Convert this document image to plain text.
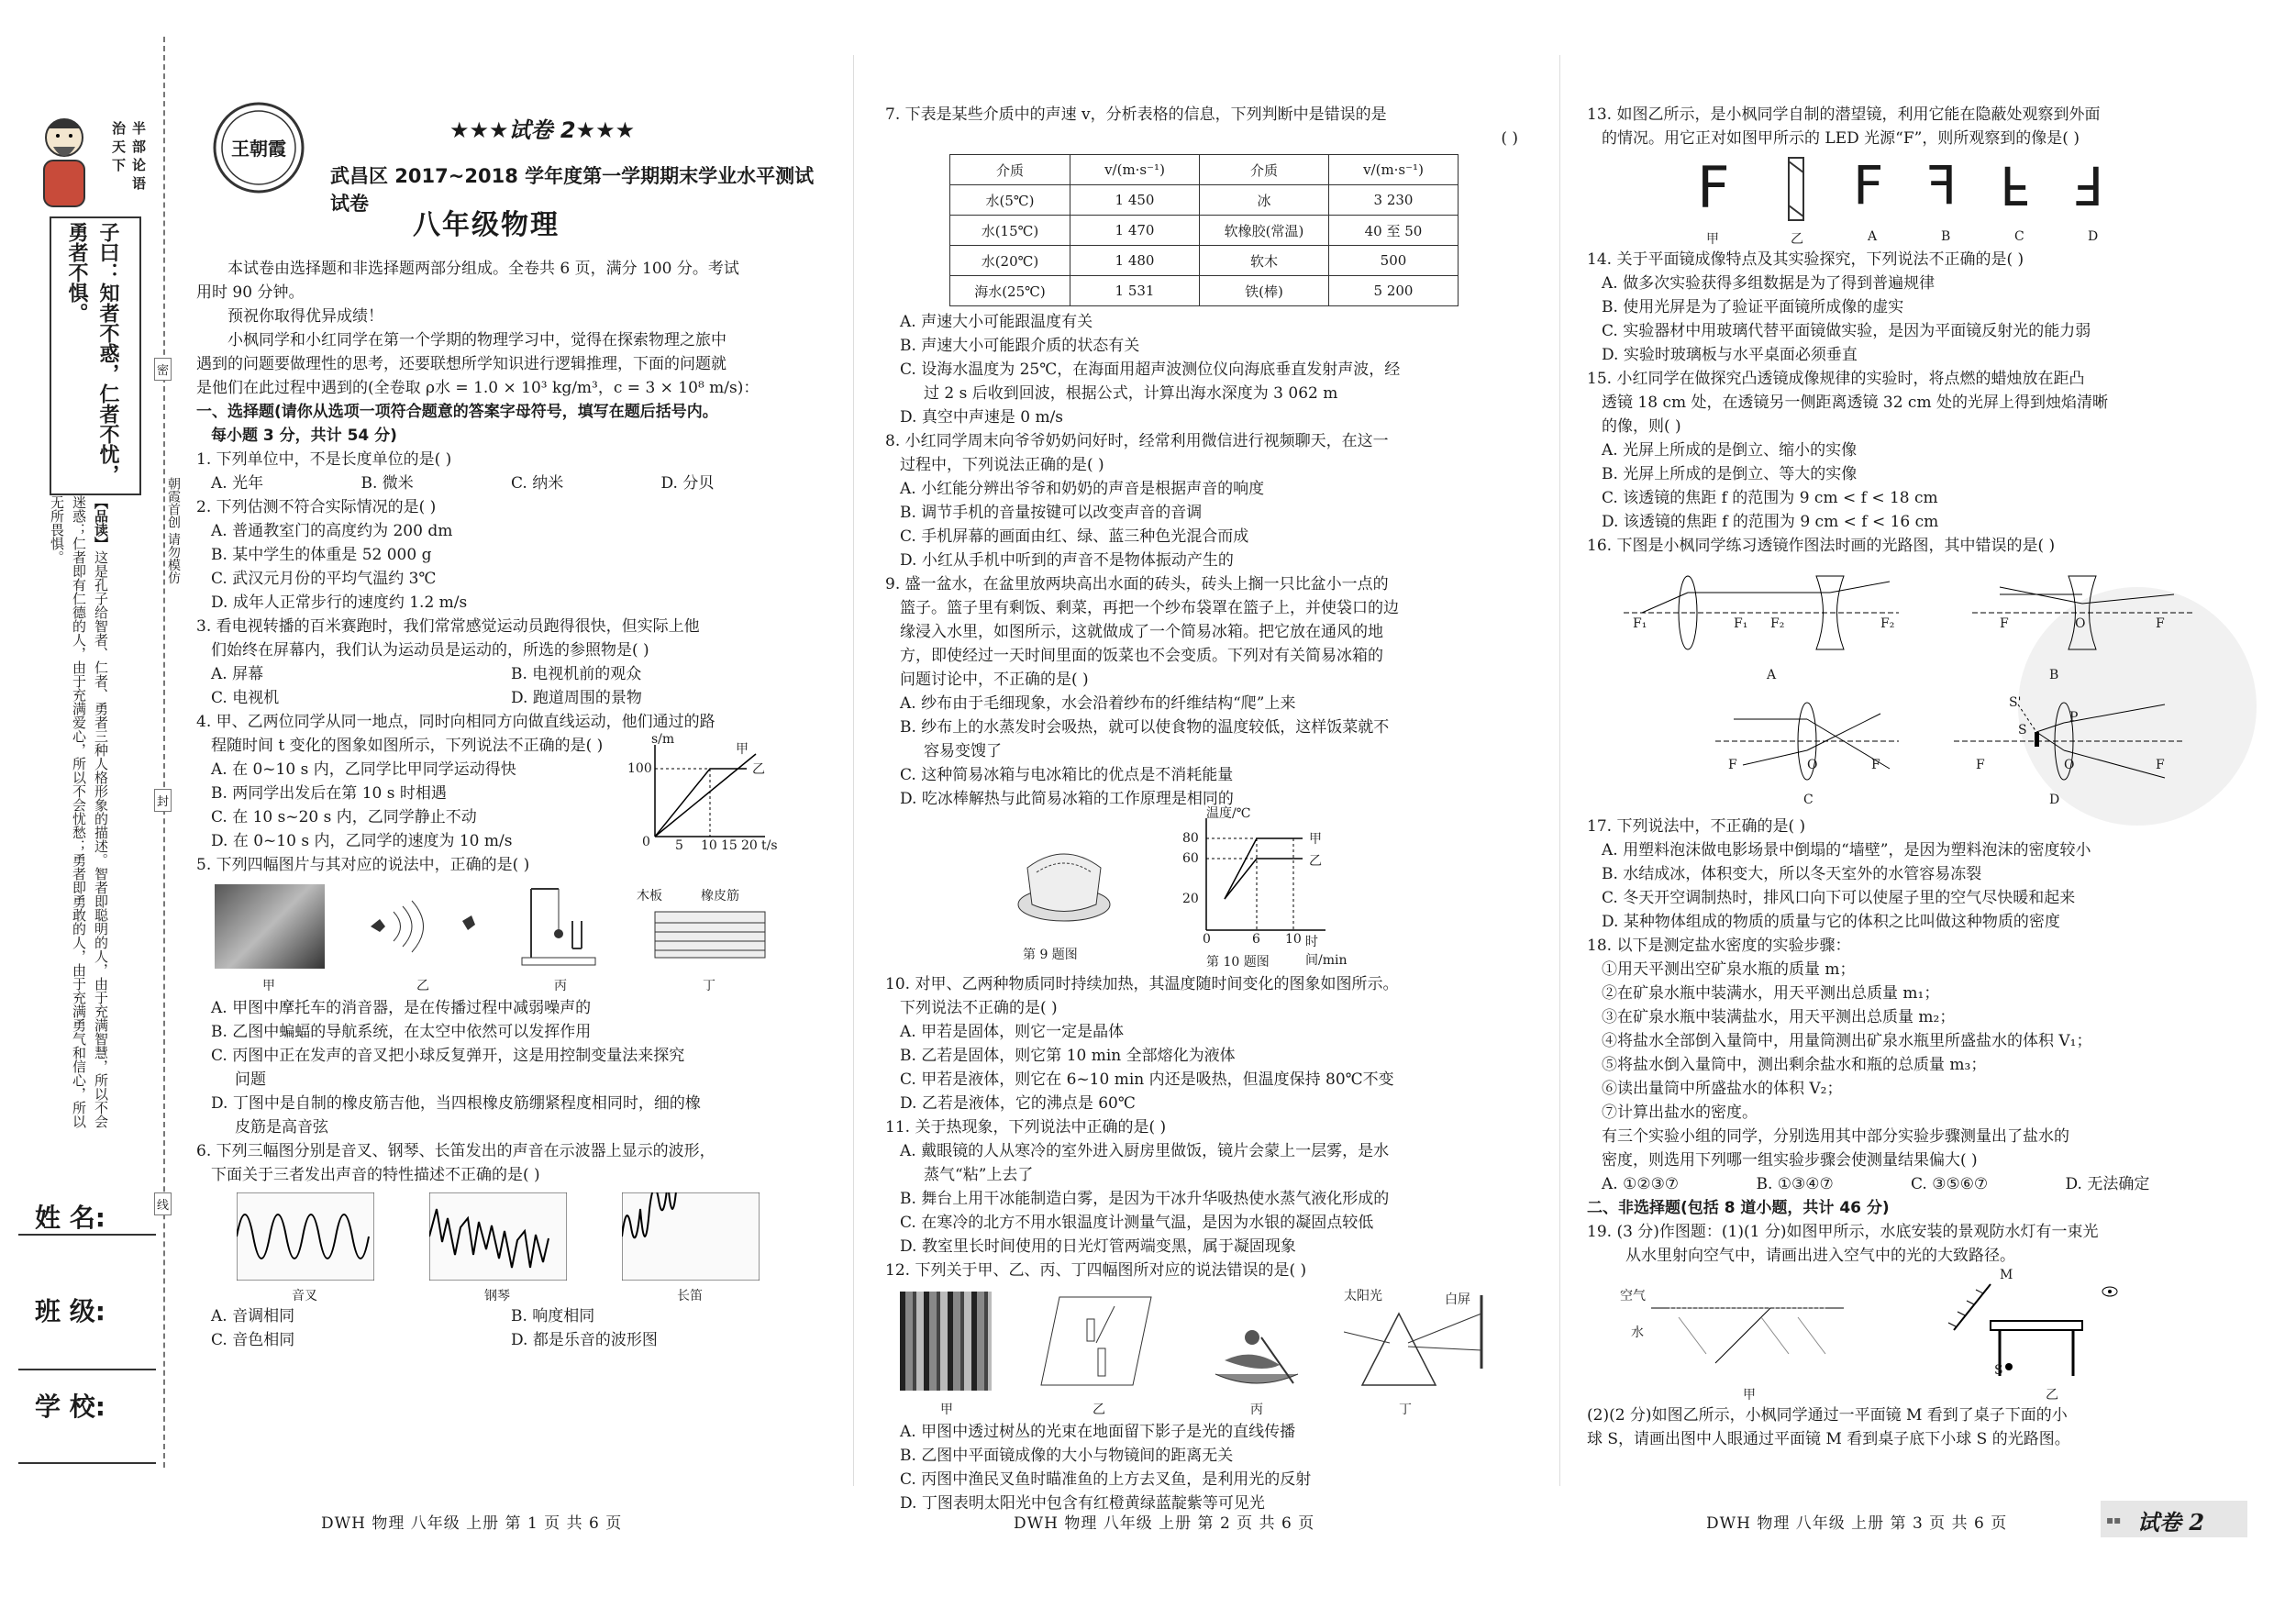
治
天
下
半
部
论
语
子曰：知者不惑，仁者不忧，勇者不惧。
【品读】这是孔子给智者、仁者、勇者三种人格形象的描述。智者即聪明的人，由于充满智慧，所以不会迷惑；仁者即有仁德的人，由于充满爱心，所以不会忧愁；勇者即勇敢的人，由于充满勇气和信心，所以无所畏惧。	朝霞首创 请勿模仿
密
封
线
姓 名:
班 级:
学 校:
王朝霞
★★★试卷 2★★★
武昌区 2017~2018 学年度第一学期期末学业水平测试试卷
八年级物理

本试卷由选择题和非选择题两部分组成。全卷共 6 页，满分 100 分。考试

用时 90 分钟。

预祝你取得优异成绩！

小枫同学和小红同学在第一个学期的物理学习中，觉得在探索物理之旅中

遇到的问题要做理性的思考，还要联想所学知识进行逻辑推理，下面的问题就

是他们在此过程中遇到的(全卷取 ρ水 = 1.0 × 10³ kg/m³，c = 3 × 10⁸ m/s)：

一、选择题(请你从选项一项符合题意的答案字母符号，填写在题后括号内。

每小题 3 分，共计 54 分)

1. 下列单位中，不是长度单位的是( )

A. 光年	B. 微米	C. 纳米	D. 分贝

2. 下列估测不符合实际情况的是( )

A. 普通教室门的高度约为 200 dm

B. 某中学生的体重是 52 000 g

C. 武汉元月份的平均气温约 3℃

D. 成年人正常步行的速度约 1.2 m/s

3. 看电视转播的百米赛跑时，我们常常感觉运动员跑得很快，但实际上他

们始终在屏幕内，我们认为运动员是运动的，所选的参照物是( )

A. 屏幕	B. 电视机前的观众
C. 电视机	D. 跑道周围的景物

4. 甲、乙两位同学从同一地点，同时向相同方向做直线运动，他们通过的路

程随时间 t 变化的图象如图所示，下列说法不正确的是( )

A. 在 0~10 s 内，乙同学比甲同学运动得快

B. 两同学出发后在第 10 s 时相遇

C. 在 10 s~20 s 内，乙同学静止不动

D. 在 0~10 s 内，乙同学的速度为 10 m/s

s/m
100
0 5 10 15 20 t/s
甲
乙

5. 下列四幅图片与其对应的说法中，正确的是( )

木板	橡皮筋
甲	乙	丙	丁

A. 甲图中摩托车的消音器，是在传播过程中减弱噪声的

B. 乙图中蝙蝠的导航系统，在太空中依然可以发挥作用

C. 丙图中正在发声的音叉把小球反复弹开，这是用控制变量法来探究

问题

D. 丁图中是自制的橡皮筋吉他，当四根橡皮筋绷紧程度相同时，细的橡

皮筋是高音弦

6. 下列三幅图分别是音叉、钢琴、长笛发出的声音在示波器上显示的波形，

下面关于三者发出声音的特性描述不正确的是( )

音叉	钢琴	长笛
A. 音调相同	B. 响度相同
C. 音色相同	D. 都是乐音的波形图
DWH 物理 八年级 上册 第 1 页 共 6 页

7. 下表是某些介质中的声速 v，分析表格的信息，下列判断中是错误的是

( )

介质	v/(m·s⁻¹)	介质	v/(m·s⁻¹)
水(5℃)	1 450	冰	3 230
水(15℃)	1 470	软橡胶(常温)	40 至 50
水(20℃)	1 480	软木	500
海水(25℃)	1 531	铁(棒)	5 200

A. 声速大小可能跟温度有关

B. 声速大小可能跟介质的状态有关

C. 设海水温度为 25℃，在海面用超声波测位仪向海底垂直发射声波，经

过 2 s 后收到回波，根据公式，计算出海水深度为 3 062 m

D. 真空中声速是 0 m/s

8. 小红同学周末向爷爷奶奶问好时，经常利用微信进行视频聊天，在这一

过程中，下列说法正确的是( )

A. 小红能分辨出爷爷和奶奶的声音是根据声音的响度

B. 调节手机的音量按键可以改变声音的音调

C. 手机屏幕的画面由红、绿、蓝三种色光混合而成

D. 小红从手机中听到的声音不是物体振动产生的

9. 盛一盆水，在盆里放两块高出水面的砖头，砖头上搁一只比盆小一点的

篮子。篮子里有剩饭、剩菜，再把一个纱布袋罩在篮子上，并使袋口的边

缘浸入水里，如图所示，这就做成了一个简易冰箱。把它放在通风的地

方，即使经过一天时间里面的饭菜也不会变质。下列对有关简易冰箱的

问题讨论中，不正确的是( )

A. 纱布由于毛细现象，水会沿着纱布的纤维结构“爬”上来

B. 纱布上的水蒸发时会吸热，就可以使食物的温度较低，这样饭菜就不

容易变馊了

C. 这种简易冰箱与电冰箱比的优点是不消耗能量

D. 吃冰棒解热与此简易冰箱的工作原理是相同的

第 9 题图
温度/℃
80
60
20
0	6 10 时间/min
甲
乙
第 10 题图

10. 对甲、乙两种物质同时持续加热，其温度随时间变化的图象如图所示。

下列说法不正确的是( )

A. 甲若是固体，则它一定是晶体

B. 乙若是固体，则它第 10 min 全部熔化为液体

C. 甲若是液体，则它在 6~10 min 内还是吸热，但温度保持 80℃不变

D. 乙若是液体，它的沸点是 60℃

11. 关于热现象，下列说法中正确的是( )

A. 戴眼镜的人从寒冷的室外进入厨房里做饭，镜片会蒙上一层雾，是水

蒸气“粘”上去了

B. 舞台上用干冰能制造白雾，是因为干冰升华吸热使水蒸气液化形成的

C. 在寒冷的北方不用水银温度计测量气温，是因为水银的凝固点较低

D. 教室里长时间使用的日光灯管两端变黑，属于凝固现象

12. 下列关于甲、乙、丙、丁四幅图所对应的说法错误的是( )

太阳光	白屏
甲	乙	丙	丁

A. 甲图中透过树丛的光束在地面留下影子是光的直线传播

B. 乙图中平面镜成像的大小与物镜间的距离无关

C. 丙图中渔民叉鱼时瞄准鱼的上方去叉鱼，是利用光的反射

D. 丁图表明太阳光中包含有红橙黄绿蓝靛紫等可见光

DWH 物理 八年级 上册 第 2 页 共 6 页

13. 如图乙所示，是小枫同学自制的潜望镜，利用它能在隐蔽处观察到外面

的情况。用它正对如图甲所示的 LED 光源“F”，则所观察到的像是( )

F F F F F
甲	乙	A	B	C	D

14. 关于平面镜成像特点及其实验探究，下列说法不正确的是( )

A. 做多次实验获得多组数据是为了得到普遍规律

B. 使用光屏是为了验证平面镜所成像的虚实

C. 实验器材中用玻璃代替平面镜做实验，是因为平面镜反射光的能力弱

D. 实验时玻璃板与水平桌面必须垂直

15. 小红同学在做探究凸透镜成像规律的实验时，将点燃的蜡烛放在距凸

透镜 18 cm 处，在透镜另一侧距离透镜 32 cm 处的光屏上得到烛焰清晰

的像，则( )

A. 光屏上所成的是倒立、缩小的实像

B. 光屏上所成的是倒立、等大的实像

C. 该透镜的焦距 f 的范围为 9 cm < f < 18 cm

D. 该透镜的焦距 f 的范围为 9 cm < f < 16 cm

16. 下图是小枫同学练习透镜作图法时画的光路图，其中错误的是( )

F₁	F₁ F₂	F₂
A
F	O	F
B
F	O	F
C
S'
S
P
F	O	F
D

17. 下列说法中，不正确的是( )

A. 用塑料泡沫做电影场景中倒塌的“墙壁”，是因为塑料泡沫的密度较小

B. 水结成冰，体积变大，所以冬天室外的水管容易冻裂

C. 冬天开空调制热时，排风口向下可以使屋子里的空气尽快暖和起来

D. 某种物体组成的物质的质量与它的体积之比叫做这种物质的密度

18. 以下是测定盐水密度的实验步骤：

①用天平测出空矿泉水瓶的质量 m；

②在矿泉水瓶中装满水，用天平测出总质量 m₁；

③在矿泉水瓶中装满盐水，用天平测出总质量 m₂；

④将盐水全部倒入量筒中，用量筒测出矿泉水瓶里所盛盐水的体积 V₁；

⑤将盐水倒入量筒中，测出剩余盐水和瓶的总质量 m₃；

⑥读出量筒中所盛盐水的体积 V₂；

⑦计算出盐水的密度。

有三个实验小组的同学，分别选用其中部分实验步骤测量出了盐水的

密度，则选用下列哪一组实验步骤会使测量结果偏大( )

A. ①②③⑦	B. ①③④⑦	C. ③⑤⑥⑦	D. 无法确定

二、非选择题(包括 8 道小题，共计 46 分)

19. (3 分)作图题：(1)(1 分)如图甲所示，水底安装的景观防水灯有一束光

从水里射向空气中，请画出进入空气中的光的大致路径。

空气
水
甲
M
S
乙

(2)(2 分)如图乙所示，小枫同学通过一平面镜 M 看到了桌子下面的小

球 S，请画出图中人眼通过平面镜 M 看到桌子底下小球 S 的光路图。

DWH 物理 八年级 上册 第 3 页 共 6 页	▪▪ 试卷 2
